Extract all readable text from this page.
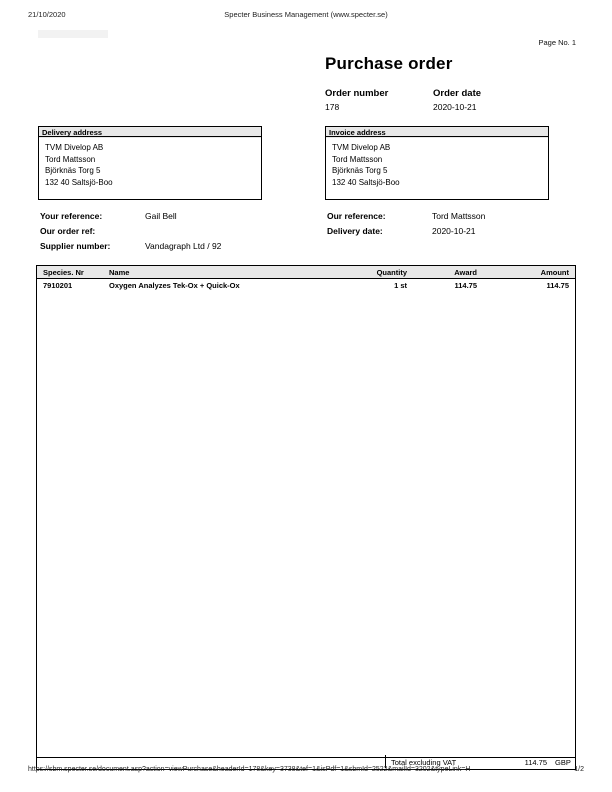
21/10/2020	Specter Business Management (www.specter.se)
Page No. 1
Purchase order
Order number	Order date
178	2020-10-21
Delivery address
TVM Divelop AB
Tord Mattsson
Björknäs Torg 5
132 40 Saltsjö-Boo
Invoice address
TVM Divelop AB
Tord Mattsson
Björknäs Torg 5
132 40 Saltsjö-Boo
Your reference:	Gail Bell
Our order ref:
Supplier number:	Vandagraph Ltd / 92
Our reference:	Tord Mattsson
Delivery date:	2020-10-21
Species. Nr	Name	Quantity	Award	Amount
7910201	Oxygen Analyzes Tek-Ox + Quick-Ox	1 st	114.75	114.75
Total excluding VAT	114.75 GBP
https://sbm.specter.se/document.asp?action=viewPurchase&headerId=178&key=3738&tef=1&isPdf=1&sbmId=2522&mailId=3202&typeLink=H	1/2
